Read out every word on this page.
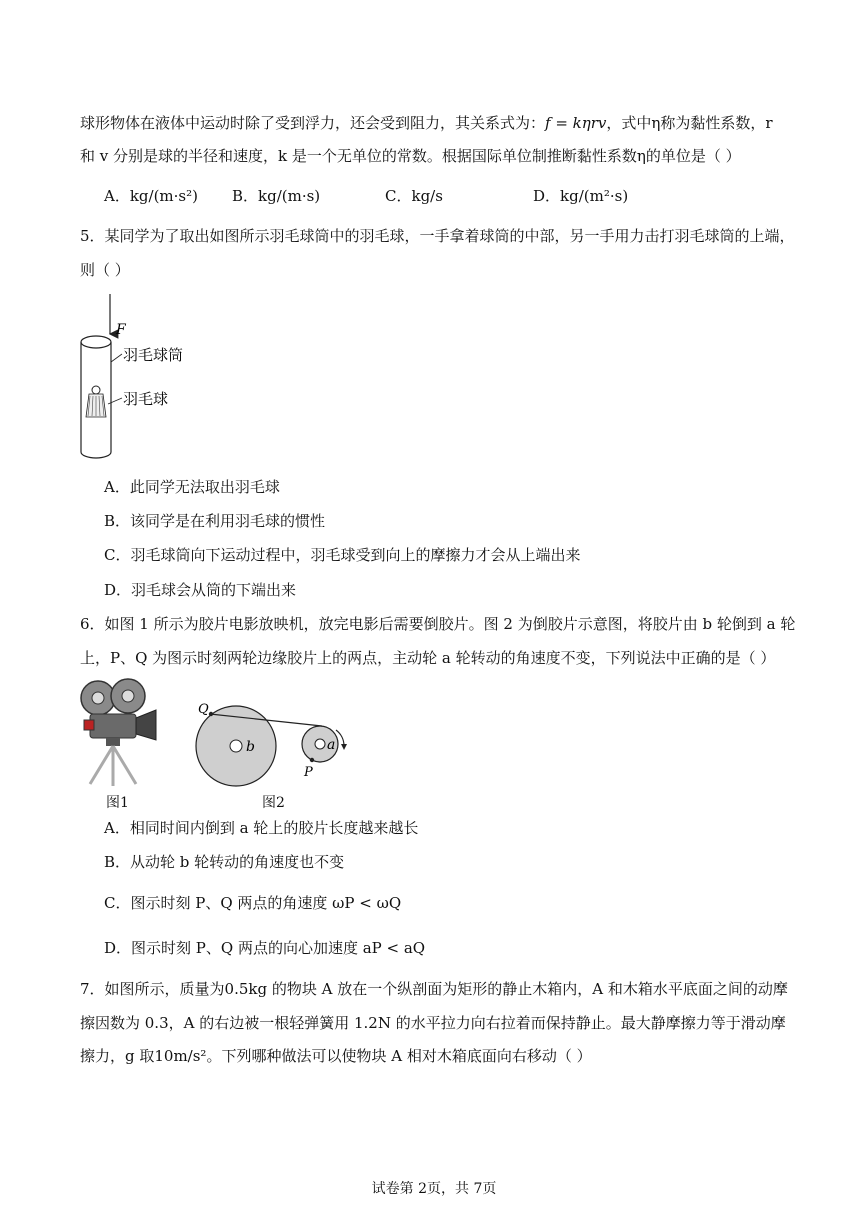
球形物体在液体中运动时除了受到浮力，还会受到阻力，其关系式为：f = kηrv，式中η称为黏性系数，r
和 v 分别是球的半径和速度，k 是一个无单位的常数。根据国际单位制推断黏性系数η的单位是（ ）
A．kg/(m·s²) B．kg/(m·s)	C．kg/s	D．kg/(m²·s)
5．某同学为了取出如图所示羽毛球筒中的羽毛球，一手拿着球筒的中部，另一手用力击打羽毛球筒的上端，
则（ ）
F
羽毛球筒
羽毛球
A．此同学无法取出羽毛球
B．该同学是在利用羽毛球的惯性
C．羽毛球筒向下运动过程中，羽毛球受到向上的摩擦力才会从上端出来
D．羽毛球会从筒的下端出来
6．如图 1 所示为胶片电影放映机，放完电影后需要倒胶片。图 2 为倒胶片示意图，将胶片由 b 轮倒到 a 轮
上，P、Q 为图示时刻两轮边缘胶片上的两点，主动轮 a 轮转动的角速度不变，下列说法中正确的是（ ）
图1
Q
P
b	a
图2
A．相同时间内倒到 a 轮上的胶片长度越来越长
B．从动轮 b 轮转动的角速度也不变
C．图示时刻 P、Q 两点的角速度 ωP < ωQ
D．图示时刻 P、Q 两点的向心加速度 aP < aQ
7．如图所示，质量为0.5kg 的物块 A 放在一个纵剖面为矩形的静止木箱内，A 和木箱水平底面之间的动摩
擦因数为 0.3，A 的右边被一根轻弹簧用 1.2N 的水平拉力向右拉着而保持静止。最大静摩擦力等于滑动摩
擦力，g 取10m/s²。下列哪种做法可以使物块 A 相对木箱底面向右移动（ ）
试卷第 2页，共 7页
